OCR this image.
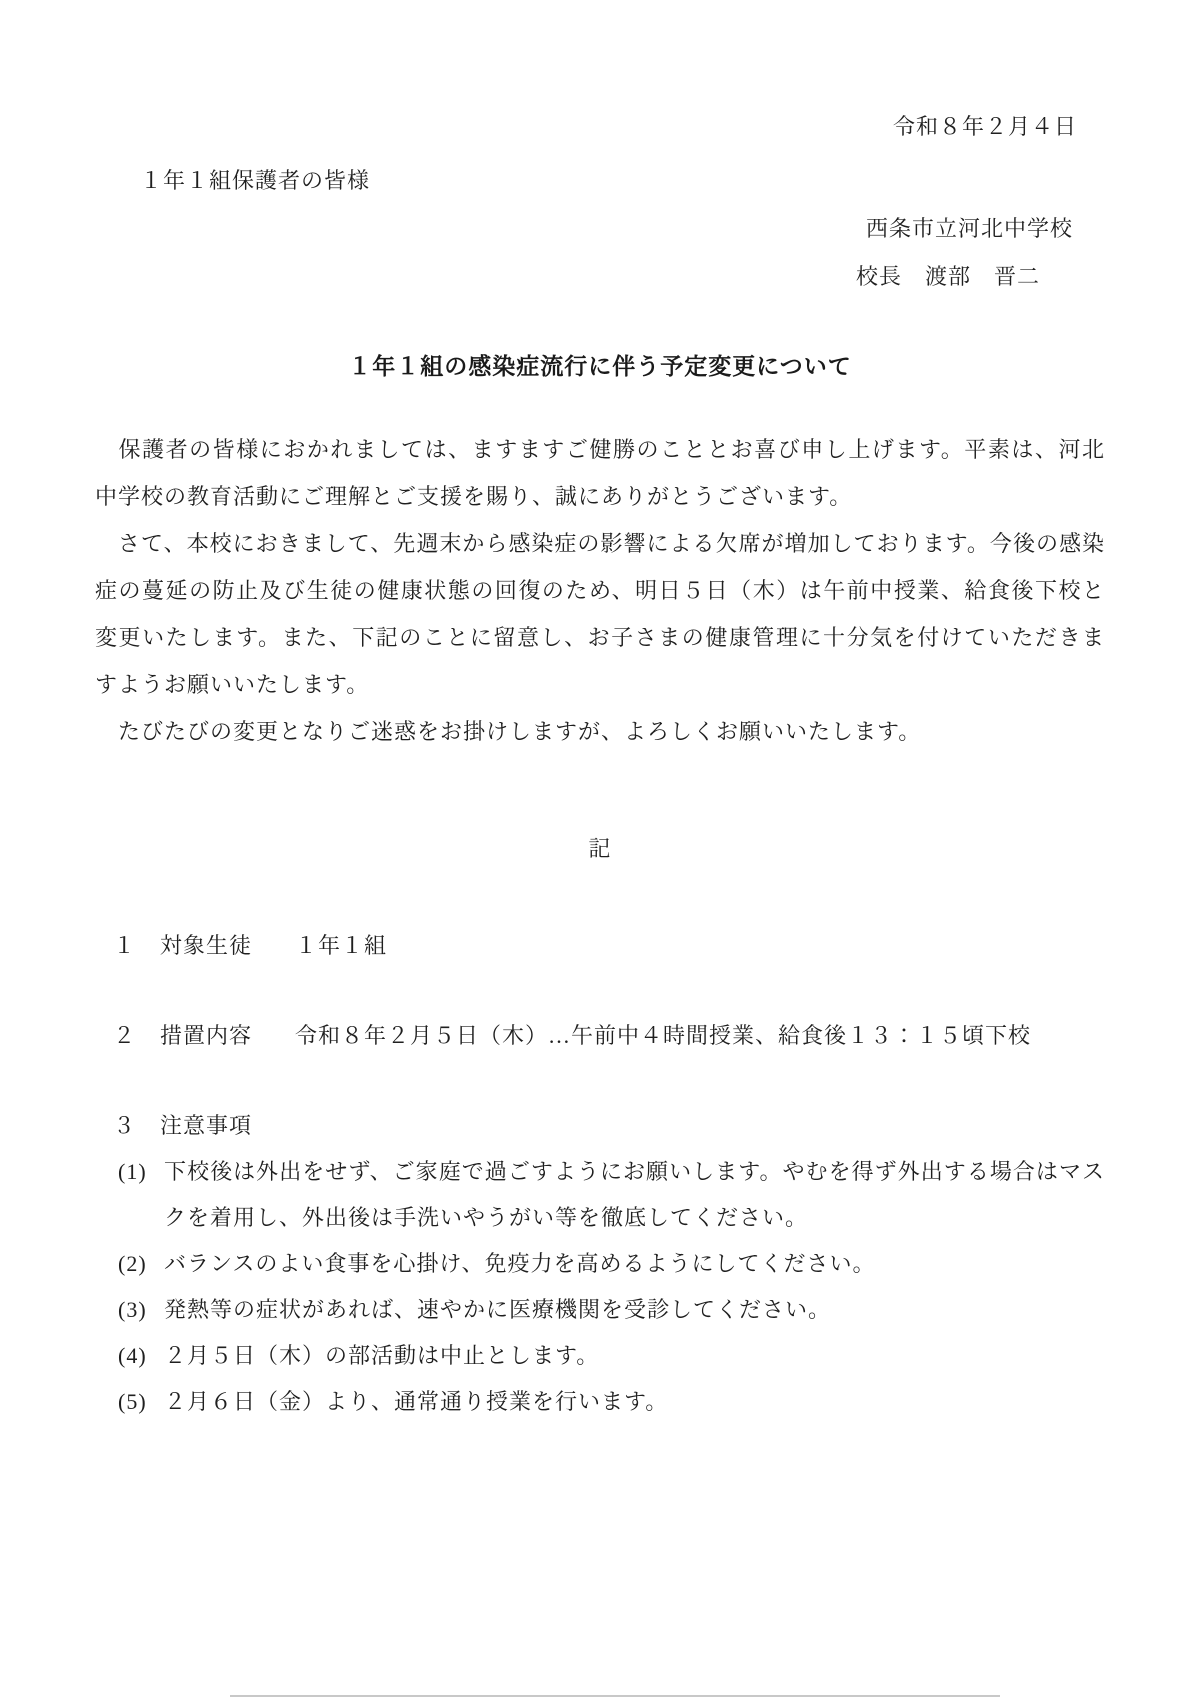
令和８年２月４日
１年１組保護者の皆様
西条市立河北中学校
校長　渡部　晋二
１年１組の感染症流行に伴う予定変更について

　保護者の皆様におかれましては、ますますご健勝のこととお喜び申し上げます。平素は、河北中学校の教育活動にご理解とご支援を賜り、誠にありがとうございます。

　さて、本校におきまして、先週末から感染症の影響による欠席が増加しております。今後の感染症の蔓延の防止及び生徒の健康状態の回復のため、明日５日（木）は午前中授業、給食後下校と変更いたします。また、下記のことに留意し、お子さまの健康管理に十分気を付けていただきますようお願いいたします。

　たびたびの変更となりご迷惑をお掛けしますが、よろしくお願いいたします。

記
１ 対象生徒 １年１組
２ 措置内容 令和８年２月５日（木）…午前中４時間授業、給食後１３：１５頃下校
３ 注意事項
(1) 下校後は外出をせず、ご家庭で過ごすようにお願いします。やむを得ず外出する場合はマスクを着用し、外出後は手洗いやうがい等を徹底してください。
(2) バランスのよい食事を心掛け、免疫力を高めるようにしてください。
(3) 発熱等の症状があれば、速やかに医療機関を受診してください。
(4) ２月５日（木）の部活動は中止とします。
(5) ２月６日（金）より、通常通り授業を行います。
